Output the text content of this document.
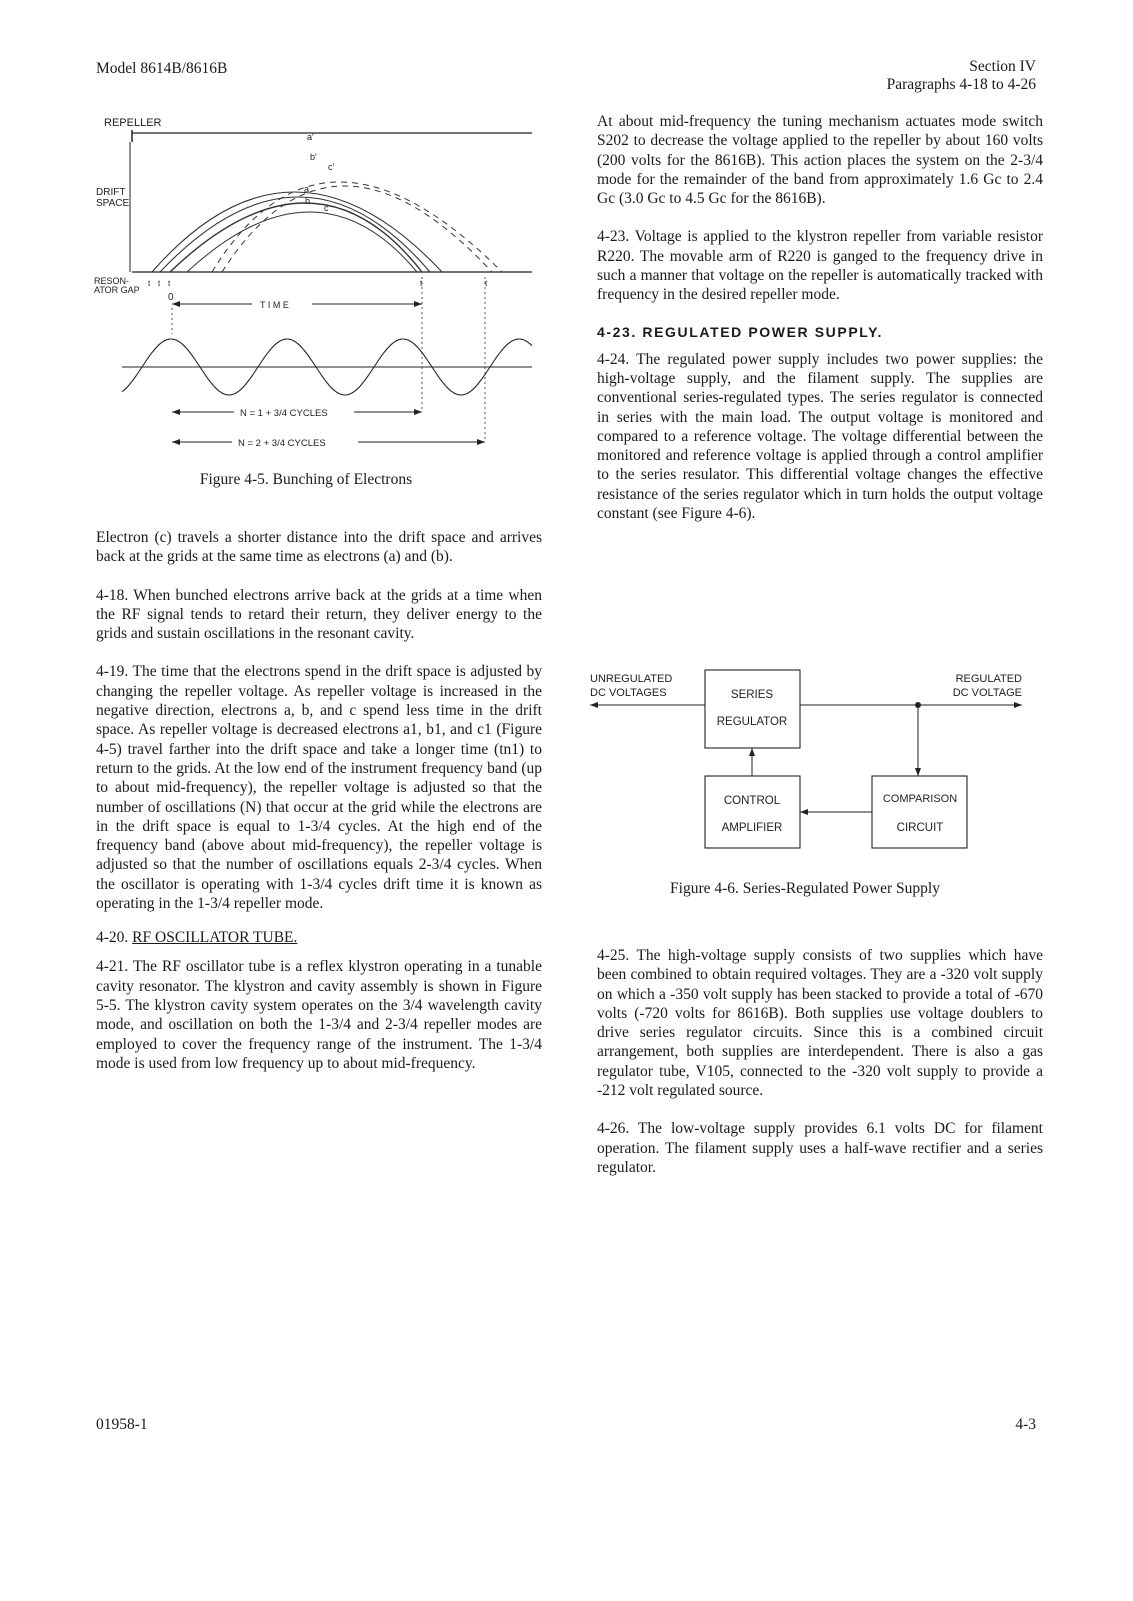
Model 8614B/8616B	Section IV
Paragraphs 4-18 to 4-26
a'
b'
a
b
c
c'
REPELLER
DRIFT
SPACE
RESON-
ATOR GAP
t t t	t	t
0
T I M E
N = 1 + 3/4 CYCLES
N = 2 + 3/4 CYCLES
Figure 4-5. Bunching of Electrons

Electron (c) travels a shorter distance into the drift space and arrives back at the grids at the same time as electrons (a) and (b).

4-18. When bunched electrons arrive back at the grids at a time when the RF signal tends to retard their return, they deliver energy to the grids and sustain oscillations in the resonant cavity.

4-19. The time that the electrons spend in the drift space is adjusted by changing the repeller voltage. As repeller voltage is increased in the negative direction, electrons a, b, and c spend less time in the drift space. As repeller voltage is decreased electrons a1, b1, and c1 (Figure 4-5) travel farther into the drift space and take a longer time (tn1) to return to the grids. At the low end of the instrument frequency band (up to about mid-frequency), the repeller voltage is adjusted so that the number of oscillations (N) that occur at the grid while the electrons are in the drift space is equal to 1-3/4 cycles. At the high end of the frequency band (above about mid-frequency), the repeller voltage is adjusted so that the number of oscillations equals 2-3/4 cycles. When the oscillator is operating with 1-3/4 cycles drift time it is known as operating in the 1-3/4 repeller mode.

4-20. RF OSCILLATOR TUBE.

4-21. The RF oscillator tube is a reflex klystron operating in a tunable cavity resonator. The klystron and cavity assembly is shown in Figure 5-5. The klystron cavity system operates on the 3/4 wavelength cavity mode, and oscillation on both the 1-3/4 and 2-3/4 repeller modes are employed to cover the frequency range of the instrument. The 1-3/4 mode is used from low frequency up to about mid-frequency.

At about mid-frequency the tuning mechanism actuates mode switch S202 to decrease the voltage applied to the repeller by about 160 volts (200 volts for the 8616B). This action places the system on the 2-3/4 mode for the remainder of the band from approximately 1.6 Gc to 2.4 Gc (3.0 Gc to 4.5 Gc for the 8616B).

4-23. Voltage is applied to the klystron repeller from variable resistor R220. The movable arm of R220 is ganged to the frequency drive in such a manner that voltage on the repeller is automatically tracked with frequency in the desired repeller mode.

4-23. REGULATED POWER SUPPLY.

4-24. The regulated power supply includes two power supplies: the high-voltage supply, and the filament supply. The supplies are conventional series-regulated types. The series regulator is connected in series with the main load. The output voltage is monitored and compared to a reference voltage. The voltage differential between the monitored and reference voltage is applied through a control amplifier to the series resulator. This differential voltage changes the effective resistance of the series regulator which in turn holds the output voltage constant (see Figure 4-6).

UNREGULATED
DC VOLTAGES
REGULATED
DC VOLTAGE
SERIES
REGULATOR
CONTROL
AMPLIFIER
COMPARISON
CIRCUIT
Figure 4-6. Series-Regulated Power Supply

4-25. The high-voltage supply consists of two supplies which have been combined to obtain required voltages. They are a -320 volt supply on which a -350 volt supply has been stacked to provide a total of -670 volts (-720 volts for 8616B). Both supplies use voltage doublers to drive series regulator circuits. Since this is a combined circuit arrangement, both supplies are interdependent. There is also a gas regulator tube, V105, connected to the -320 volt supply to provide a -212 volt regulated source.

4-26. The low-voltage supply provides 6.1 volts DC for filament operation. The filament supply uses a half-wave rectifier and a series regulator.

01958-1	4-3
